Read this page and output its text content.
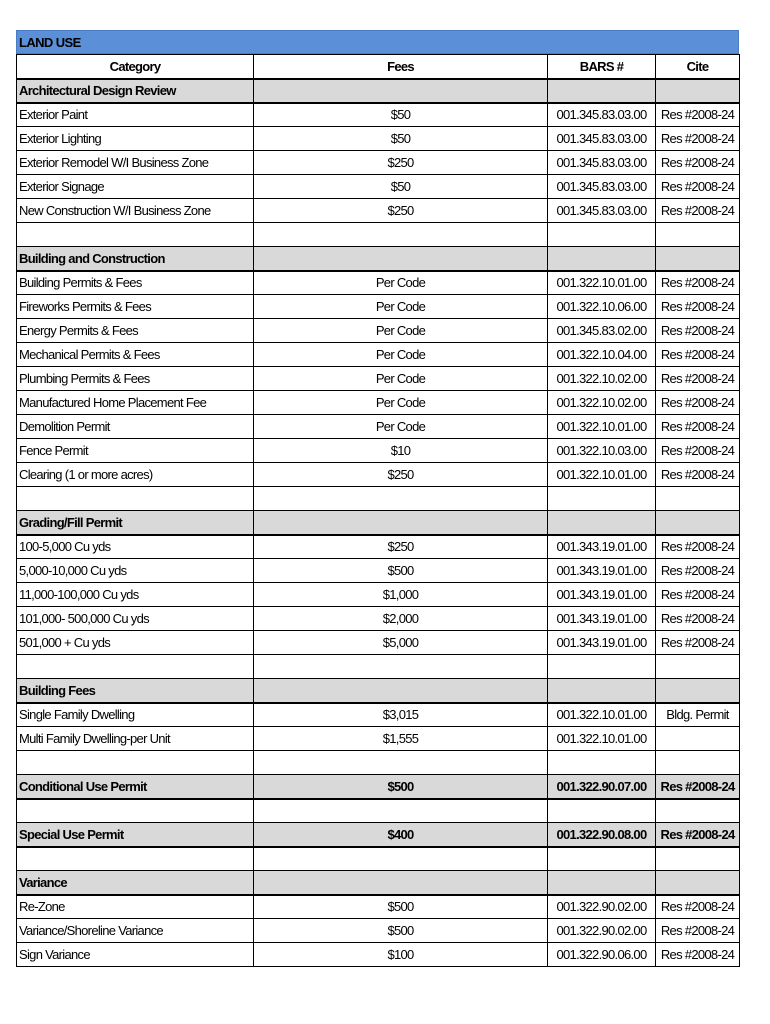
LAND USE
Category	Fees	BARS #	Cite
Architectural Design Review			
Exterior Paint	$50	001.345.83.03.00	Res #2008-24
Exterior Lighting	$50	001.345.83.03.00	Res #2008-24
Exterior Remodel W/I Business Zone	$250	001.345.83.03.00	Res #2008-24
Exterior Signage	$50	001.345.83.03.00	Res #2008-24
New Construction W/I Business Zone	$250	001.345.83.03.00	Res #2008-24

Building and Construction			
Building Permits & Fees	Per Code	001.322.10.01.00	Res #2008-24
Fireworks Permits & Fees	Per Code	001.322.10.06.00	Res #2008-24
Energy Permits & Fees	Per Code	001.345.83.02.00	Res #2008-24
Mechanical Permits & Fees	Per Code	001.322.10.04.00	Res #2008-24
Plumbing Permits & Fees	Per Code	001.322.10.02.00	Res #2008-24
Manufactured Home Placement Fee	Per Code	001.322.10.02.00	Res #2008-24
Demolition Permit	Per Code	001.322.10.01.00	Res #2008-24
Fence Permit	$10	001.322.10.03.00	Res #2008-24
Clearing (1 or more acres)	$250	001.322.10.01.00	Res #2008-24

Grading/Fill Permit			
100-5,000 Cu yds	$250	001.343.19.01.00	Res #2008-24
5,000-10,000 Cu yds	$500	001.343.19.01.00	Res #2008-24
11,000-100,000 Cu yds	$1,000	001.343.19.01.00	Res #2008-24
101,000- 500,000 Cu yds	$2,000	001.343.19.01.00	Res #2008-24
501,000 + Cu yds	$5,000	001.343.19.01.00	Res #2008-24

Building Fees			
Single Family Dwelling	$3,015	001.322.10.01.00	Bldg. Permit
Multi Family Dwelling-per Unit	$1,555	001.322.10.01.00	

Conditional Use Permit	$500	001.322.90.07.00	Res #2008-24

Special Use Permit	$400	001.322.90.08.00	Res #2008-24

Variance			
Re-Zone	$500	001.322.90.02.00	Res #2008-24
Variance/Shoreline Variance	$500	001.322.90.02.00	Res #2008-24
Sign Variance	$100	001.322.90.06.00	Res #2008-24
